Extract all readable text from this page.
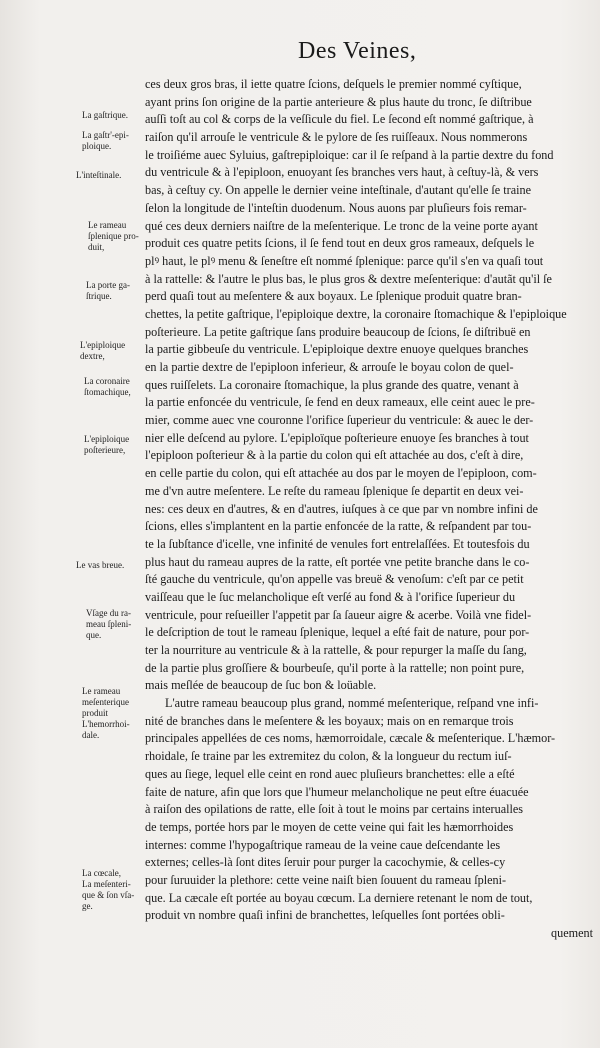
Des Veines,
La gaſtrique.
La gaſtr'-epi-
ploique.
L'inteſtinale.
Le rameau
ſplenique pro-
duit,
La porte ga-
ſtrique.
L'epiploique
dextre,
La coronaire
ſtomachique,
L'epiploique
poſterieure,
Le vas breue.
Vſage du ra-
meau ſpleni-
que.
Le rameau
meſenterique
produit
L'hemorrhoi-
dale.
La cœcale,
La meſenteri-
que & ſon vſa-
ge.
ces deux gros bras, il iette quatre ſcions, deſquels le premier nommé cyſtique,
ayant prins ſon origine de la partie anterieure & plus haute du tronc, ſe diſtribue
auſſi toſt au col & corps de la veſſicule du fiel. Le ſecond eſt nommé gaſtrique, à
raiſon qu'il arrouſe le ventricule & le pylore de ſes ruiſſeaux. Nous nommerons
le troiſiéme auec Syluius, gaſtrepiploique: car il ſe reſpand à la partie dextre du fond
du ventricule & à l'epiploon, enuoyant ſes branches vers haut, à ceſtuy-là, & vers
bas, à ceſtuy cy. On appelle le dernier veine inteſtinale, d'autant qu'elle ſe traine
ſelon la longitude de l'inteſtin duodenum. Nous auons par pluſieurs fois remar-
qué ces deux derniers naiſtre de la meſenterique. Le tronc de la veine porte ayant
produit ces quatre petits ſcions, il ſe fend tout en deux gros rameaux, deſquels le
plꝰ haut, le plꝰ menu & ſeneſtre eſt nommé ſplenique: parce qu'il s'en va quaſi tout
à la rattelle: & l'autre le plus bas, le plus gros & dextre meſenterique: d'autãt qu'il ſe
perd quaſi tout au meſentere & aux boyaux. Le ſplenique produit quatre bran-
chettes, la petite gaſtrique, l'epiploique dextre, la coronaire ſtomachique & l'epiploique
poſterieure. La petite gaſtrique ſans produire beaucoup de ſcions, ſe diſtribuë en
la partie gibbeuſe du ventricule. L'epiploique dextre enuoye quelques branches
en la partie dextre de l'epiploon inferieur, & arrouſe le boyau colon de quel-
ques ruiſſelets. La coronaire ſtomachique, la plus grande des quatre, venant à
la partie enfoncée du ventricule, ſe fend en deux rameaux, elle ceint auec le pre-
mier, comme auec vne couronne l'orifice ſuperieur du ventricule: & auec le der-
nier elle deſcend au pylore. L'epiploïque poſterieure enuoye ſes branches à tout
l'epiploon poſterieur & à la partie du colon qui eſt attachée au dos, c'eſt à dire,
en celle partie du colon, qui eſt attachée au dos par le moyen de l'epiploon, com-
me d'vn autre meſentere. Le reſte du rameau ſplenique ſe departit en deux vei-
nes: ces deux en d'autres, & en d'autres, iuſques à ce que par vn nombre infini de
ſcions, elles s'implantent en la partie enfoncée de la ratte, & reſpandent par tou-
te la ſubſtance d'icelle, vne infinité de venules fort entrelaſſées. Et toutesfois du
plus haut du rameau aupres de la ratte, eſt portée vne petite branche dans le co-
ſté gauche du ventricule, qu'on appelle vas breuë & venoſum: c'eſt par ce petit
vaiſſeau que le ſuc melancholique eſt verſé au fond & à l'orifice ſuperieur du
ventricule, pour reſueiller l'appetit par ſa ſaueur aigre & acerbe. Voilà vne fidel-
le deſcription de tout le rameau ſplenique, lequel a eſté fait de nature, pour por-
ter la nourriture au ventricule & à la rattelle, & pour repurger la maſſe du ſang,
de la partie plus groſſiere & bourbeuſe, qu'il porte à la rattelle; non point pure,
mais meſlée de beaucoup de ſuc bon & loüable.
L'autre rameau beaucoup plus grand, nommé meſenterique, reſpand vne infi-
nité de branches dans le meſentere & les boyaux; mais on en remarque trois
principales appellées de ces noms, hæmorroidale, cæcale & meſenterique. L'hæmor-
rhoidale, ſe traine par les extremitez du colon, & la longueur du rectum iuſ-
ques au ſiege, lequel elle ceint en rond auec pluſieurs branchettes: elle a eſté
faite de nature, afin que lors que l'humeur melancholique ne peut eſtre éuacuée
à raiſon des opilations de ratte, elle ſoit à tout le moins par certains interualles
de temps, portée hors par le moyen de cette veine qui fait les hæmorrhoides
internes: comme l'hypogaſtrique rameau de la veine caue deſcendante les
externes; celles-là ſont dites ſeruir pour purger la cacochymie, & celles-cy
pour ſuruuider la plethore: cette veine naiſt bien ſouuent du rameau ſpleni-
que. La cæcale eſt portée au boyau cœcum. La derniere retenant le nom de tout,
produit vn nombre quaſi infini de branchettes, leſquelles ſont portées obli-
quement
